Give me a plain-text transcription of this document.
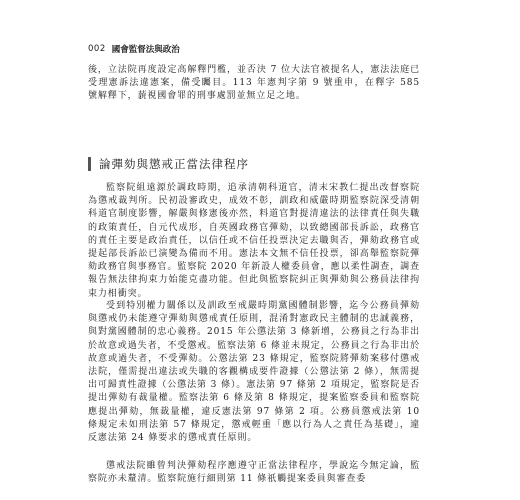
002 國會監督法與政治

後，立法院再度設定高解釋門檻，並否決 7 位大法官被提名人，憲法法庭已受理憲訴法違憲案，備受矚目。113 年憲判字第 9 號重申，在釋字 585 號解釋下，藐視國會罪的刑事處罰並無立足之地。

論彈劾與懲戒正當法律程序

監察院組遠源於調政時期，追承清朝科道官，清末宋教仁提出改督察院為懲戒裁判所。民初設審政史，成效不彰，訓政和威嚴時期監察院深受清朝科道官制度影響，解嚴與修憲後亦然，料道官對提清違法的法律責任與失職的政策責任，自元代成形，自英國政務官彈劾，以致總國部長訴訟，政務官的責任主要是政治責任，以信任或不信任投票決定去職與否，彈劾政務官或提起部長訴訟已演變為備而不用。憲法本文無不信任投票，卻高舉監察院彈劾政務官與事務官。監察院 2020 年新設人權委員會，應以柔性調查，調查報告無法律拘束力始能克盡功能。但此與監察院糾正與彈劾與公務員法律拘束力相衝突。

受到特別權力關係以及訓政至戒嚴時期黨國體制影響，迄今公務員彈劾與懲戒仍未能遵守彈劾與懲戒責任原則，混淆對憲政民主體制的忠誠義務，與對黨國體制的忠心義務。2015 年公懲法第 3 條新增，公務員之行為非出於故意或過失者，不受懲戒。監察法第 6 條並未規定，公務員之行為非出於故意或過失者，不受彈劾。公懲法第 23 條規定，監察院將彈劾案移付懲戒法院，僅需提出違法或失職的客觀構成要件證據（公懲法第 2 條），無需提出可歸責性證據（公懲法第 3 條）。憲法第 97 條第 2 項規定，監察院是否提出彈劾有裁量權。監察法第 6 條及第 8 條規定，提案監察委員和監察院應提出彈劾，無裁量權，違反憲法第 97 條第 2 項。公務員懲戒法第 10 條規定未如刑法第 57 條規定，懲戒輕重「應以行為人之責任為基礎」，違反憲法第 24 條要求的懲戒責任原則。

懲戒法院雖曾判決彈劾程序應遵守正當法律程序，學說迄今無定論，監察院亦未釐清。監察院施行細則第 11 條祇觸提案委員與審查委
